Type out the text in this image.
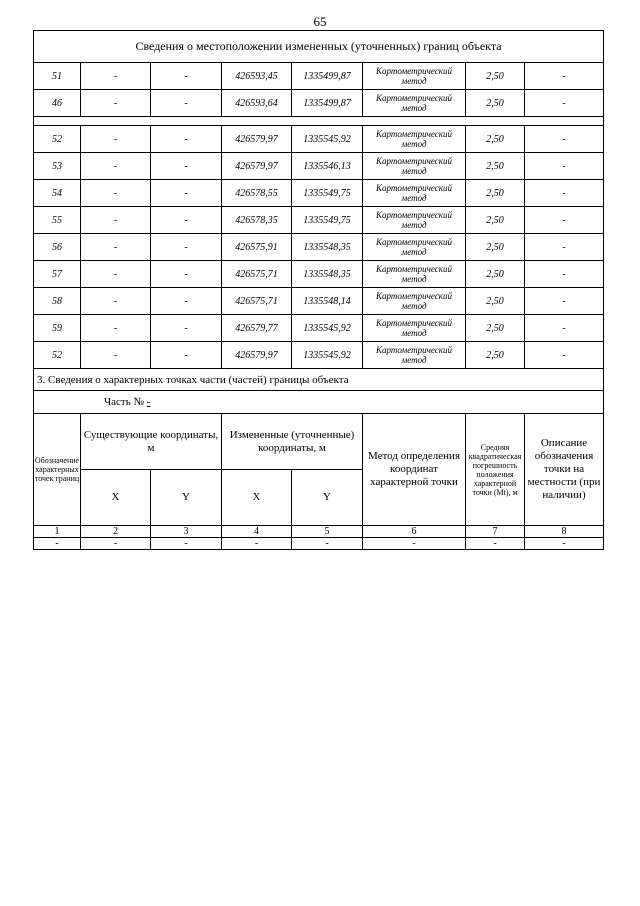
65
Сведения о местоположении измененных (уточненных) границ объекта							
51	-	-	426593,45	1335499,87	Картометрический метод	2,50	-
46	-	-	426593,64	1335499,87	Картометрический метод	2,50	-

52	-	-	426579,97	1335545,92	Картометрический метод	2,50	-
53	-	-	426579,97	1335546,13	Картометрический метод	2,50	-
54	-	-	426578,55	1335549,75	Картометрический метод	2,50	-
55	-	-	426578,35	1335549,75	Картометрический метод	2,50	-
56	-	-	426575,91	1335548,35	Картометрический метод	2,50	-
57	-	-	426575,71	1335548,35	Картометрический метод	2,50	-
58	-	-	426575,71	1335548,14	Картометрический метод	2,50	-
59	-	-	426579,77	1335545,92	Картометрический метод	2,50	-
52	-	-	426579,97	1335545,92	Картометрический метод	2,50	-
3. Сведения о характерных точках части (частей) границы объекта							
Часть № -							
Обозначение характерных точек границ	Существующие координаты, м		Измененные (уточненные) координаты, м		Метод определения координат характерной точки	Средняя квадратическая погрешность положения характерной точки (Mt), м	Описание обозначения точки на местности (при наличии)
	X	Y	X	Y			
1	2	3	4	5	6	7	8
-	-	-	-	-	-	-	-
